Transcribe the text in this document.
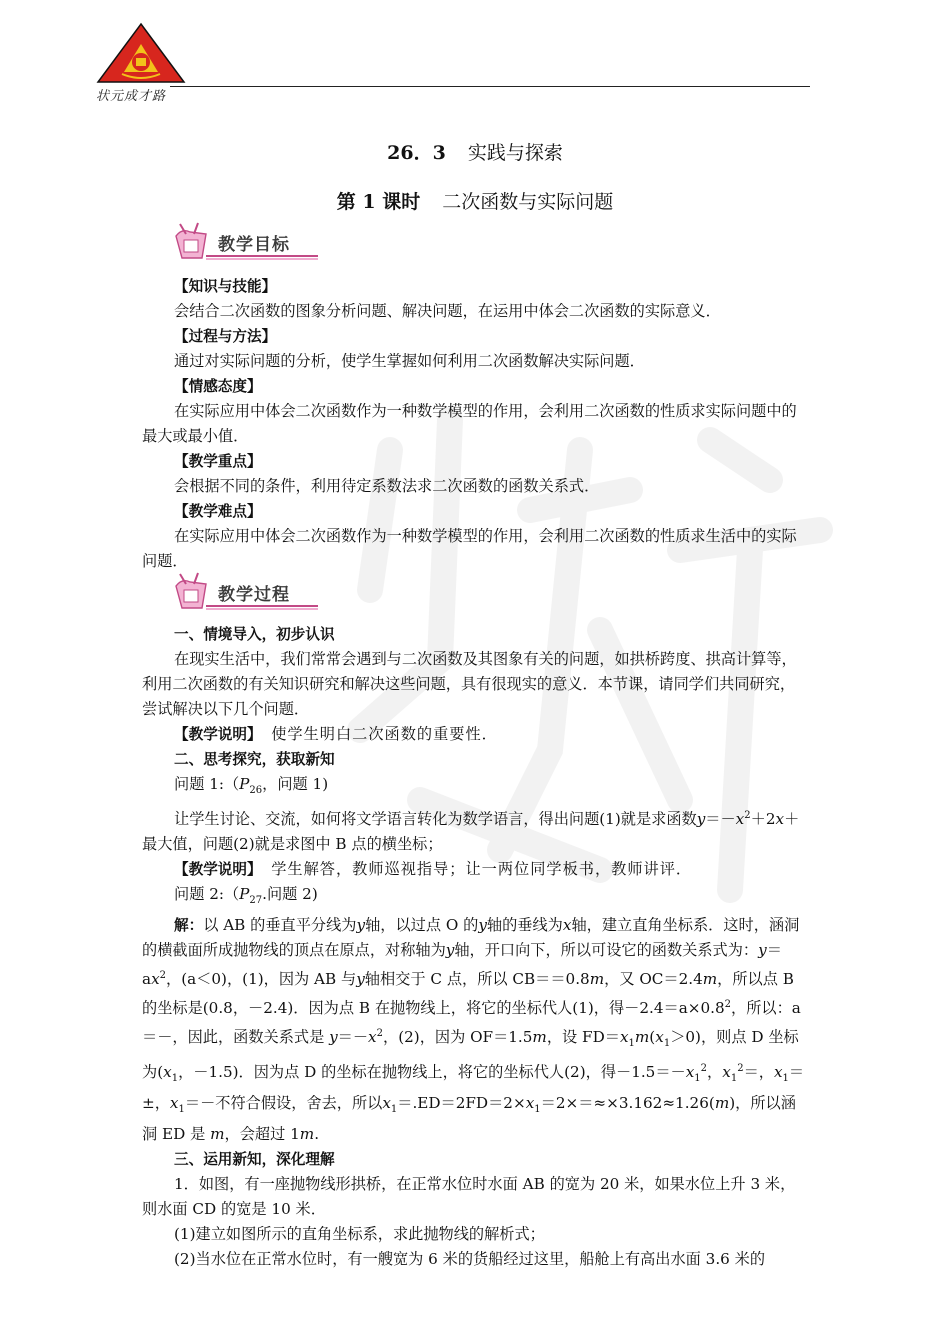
状元成才路
26．3 实践与探索
第 1 课时 二次函数与实际问题
教学目标

【知识与技能】

会结合二次函数的图象分析问题、解决问题，在运用中体会二次函数的实际意义．

【过程与方法】

通过对实际问题的分析，使学生掌握如何利用二次函数解决实际问题．

【情感态度】

在实际应用中体会二次函数作为一种数学模型的作用，会利用二次函数的性质求实际问题中的最大或最小值．

【教学重点】

会根据不同的条件，利用待定系数法求二次函数的函数关系式．

【教学难点】

在实际应用中体会二次函数作为一种数学模型的作用，会利用二次函数的性质求生活中的实际问题．

教学过程

一、情境导入，初步认识

在现实生活中，我们常常会遇到与二次函数及其图象有关的问题，如拱桥跨度、拱高计算等，利用二次函数的有关知识研究和解决这些问题，具有很现实的意义．本节课，请同学们共同研究，尝试解决以下几个问题．

【教学说明】 使学生明白二次函数的重要性．

二、思考探究，获取新知

问题 $1:(P_{26}$，问题 1)

让学生讨论、交流，如何将文学语言转化为数学语言，得出问题(1)就是求函数$y=-x^2+2x+$最大值，问题(2)就是求图中 B 点的横坐标；

【教学说明】 学生解答，教师巡视指导；让一两位同学板书，教师讲评．

问题 $2:(P_{27}$.问题 2)

解：以 AB 的垂直平分线为y轴，以过点 O 的y轴的垂线为x轴，建立直角坐标系．这时，涵洞的横截面所成抛物线的顶点在原点，对称轴为y轴，开口向下，所以可设它的函数关系式为：$y=ax^2$，(a＜0)，(1)，因为 AB 与y轴相交于 C 点，所以 CB＝＝0.8m，又 OC＝2.4m，所以点 B 的坐标是(0.8，－2.4)．因为点 B 在抛物线上，将它的坐标代人(1)，得$-2.4=a\times 0.8^2$，所以：a＝－，因此，函数关系式是 $y=-x^2$，(2)，因为 OF＝1.5m，设 $FD=x_1m(x_1>0)$，则点 D 坐标为($x_1$，－1.5)．因为点 D 的坐标在抛物线上，将它的坐标代人(2)，得$-1.5=-x_1^2$，$x_1^2=$，$x_1=\pm$，$x_1=-$不符合假设，舍去，所以$x_1=.ED=2FD=2\times x_1=2\times=\approx\times 3.162\approx 1.26(m)$，所以涵洞 ED 是 m，会超过 1m.

三、运用新知，深化理解

1．如图，有一座抛物线形拱桥，在正常水位时水面 AB 的宽为 20 米，如果水位上升 3 米，则水面 CD 的宽是 10 米．

(1)建立如图所示的直角坐标系，求此抛物线的解析式；

(2)当水位在正常水位时，有一艘宽为 6 米的货船经过这里，船舱上有高出水面 3.6 米的
